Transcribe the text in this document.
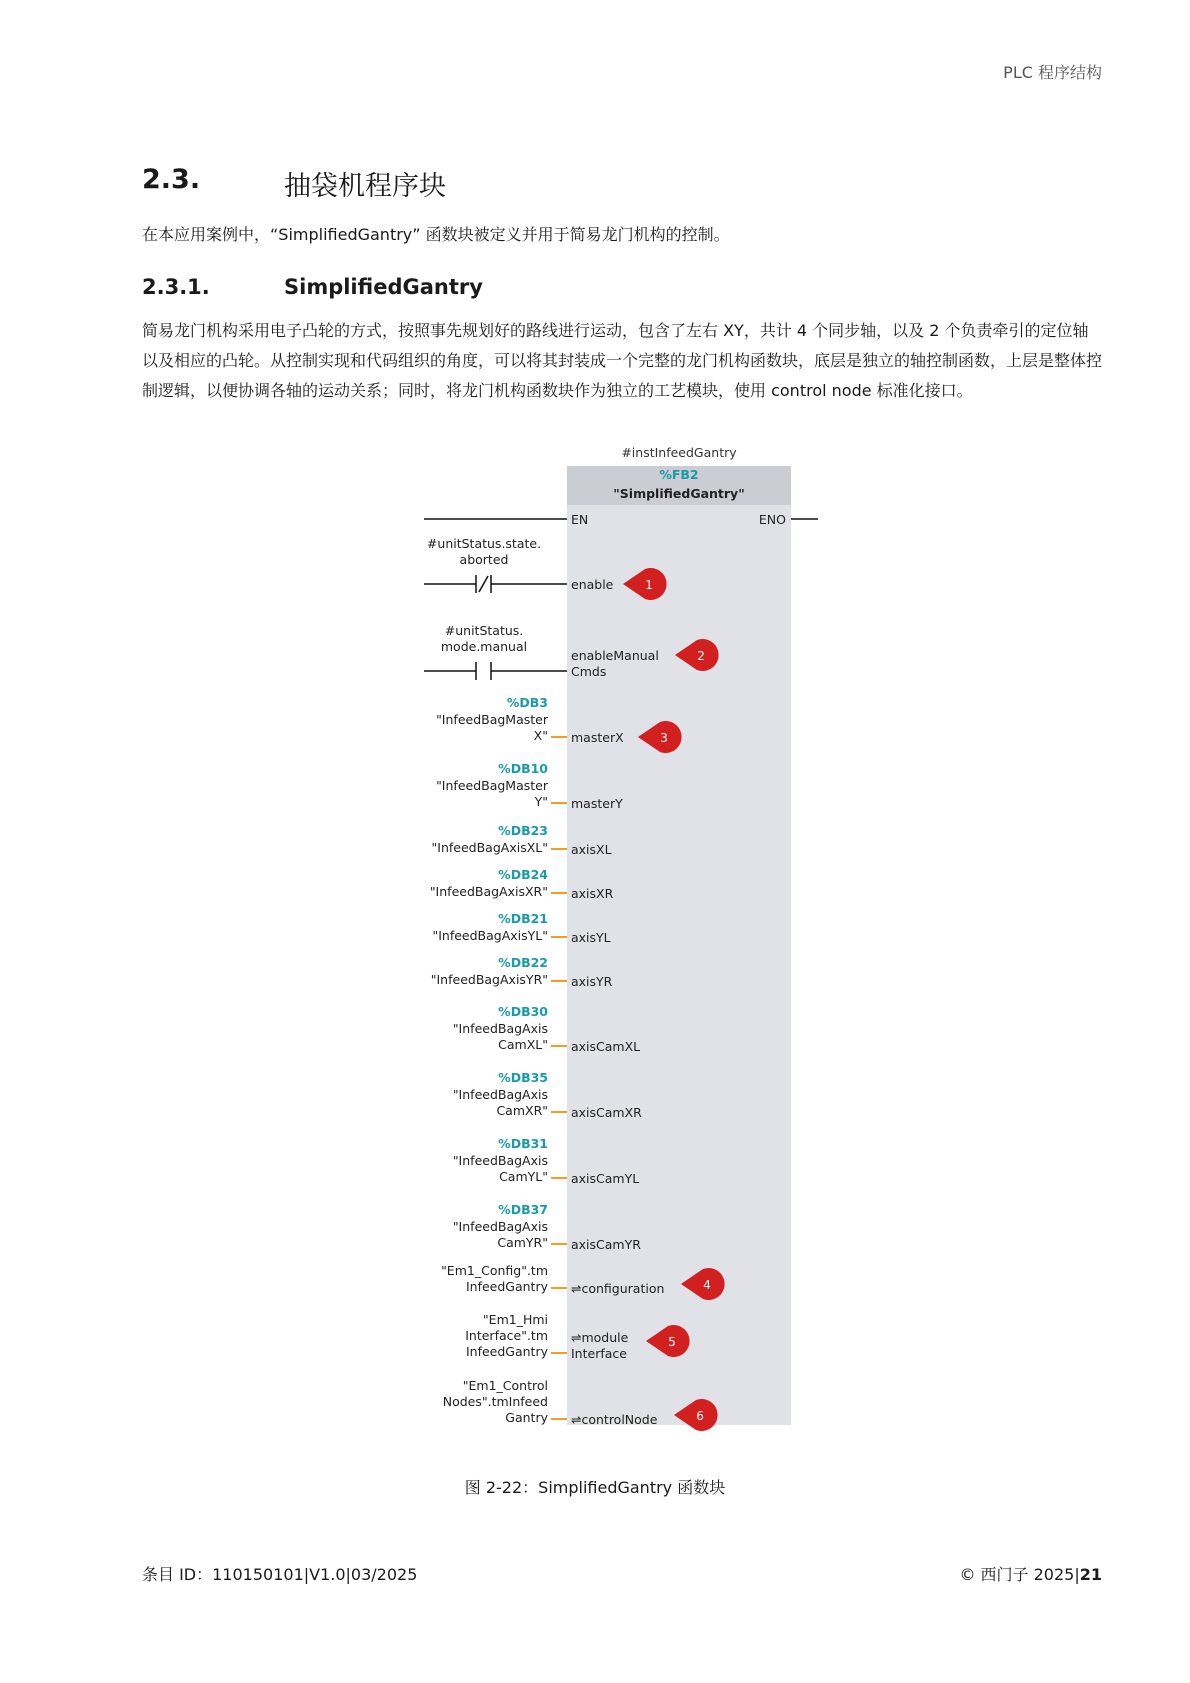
PLC 程序结构
2.3.	抽袋机程序块
在本应用案例中，“SimplifiedGantry” 函数块被定义并用于简易龙门机构的控制。
2.3.1.	SimplifiedGantry
简易龙门机构采用电子凸轮的方式，按照事先规划好的路线进行运动，包含了左右 XY，共计 4 个同步轴，以及 2 个负责牵引的定位轴以及相应的凸轮。从控制实现和代码组织的角度，可以将其封装成一个完整的龙门机构函数块，底层是独立的轴控制函数，上层是整体控制逻辑，以便协调各轴的运动关系；同时，将龙门机构函数块作为独立的工艺模块，使用 control node 标准化接口。
#instInfeedGantry
%FB2
"SimplifiedGantry"
EN	ENO
#unitStatus.state.
aborted
enable
#unitStatus.
mode.manual
enableManual
Cmds
%DB3
"InfeedBagMaster
X" masterX
%DB10
"InfeedBagMaster
Y" masterY
%DB23
"InfeedBagAxisXL" axisXL
%DB24
"InfeedBagAxisXR" axisXR
%DB21
"InfeedBagAxisYL" axisYL
%DB22
"InfeedBagAxisYR" axisYR
%DB30
"InfeedBagAxis
CamXL" axisCamXL
%DB35
"InfeedBagAxis
CamXR" axisCamXR
%DB31
"InfeedBagAxis
CamYL" axisCamYL
%DB37
"InfeedBagAxis
CamYR" axisCamYR
"Em1_Config".tm
InfeedGantry ⇌configuration
"Em1_Hmi
Interface".tm
InfeedGantry
⇌module
Interface
"Em1_Control
Nodes".tmInfeed
Gantry ⇌controlNode
1
2
3
4
5
6
图 2-22：SimplifiedGantry 函数块
条目 ID：110150101|V1.0|03/2025	© 西门子 2025|21
